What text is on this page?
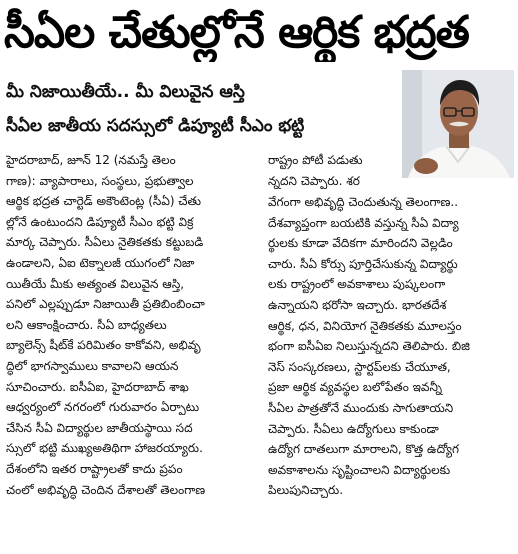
సీఏల చేతుల్లోనే ఆర్థిక భద్రత
మీ నిజాయితీయే.. మీ విలువైన ఆస్తి
సీఏల జాతీయ సదస్సులో డిప్యూటీ సీఎం భట్టి
హైదరాబాద్, జూన్ 12 (నమస్తే తెలం
గాణ): వ్యాపారాలు, సంస్థలు, ప్రభుత్వాల
ఆర్థిక భద్రత చార్టెడ్ అకౌంటెంట్ల (సీఏ) చేతు
ల్లోనే ఉంటుందని డిప్యూటీ సీఎం భట్టి విక్ర
మార్క చెప్పారు. సీఏలు నైతికతకు కట్టుబడి
ఉండాలని, ఏఐ టెక్నాలజీ యుగంలో నిజా
యితీయే మీకు అత్యంత విలువైన ఆస్తి,
పనిలో ఎల్లప్పుడూ నిజాయితీ ప్రతిబింబించా
లని ఆకాంక్షించారు. సీఏ బాధ్యతలు
బ్యాలెన్స్ షీట్‌కే పరిమితం కాకోవని, అభివృ
ద్ధిలో భాగస్వాములు కావాలని ఆయన
సూచించారు. ఐసీఏఐ, హైదరాబాద్ శాఖ
ఆధ్వర్యంలో నగరంలో గురువారం ఏర్పాటు
చేసిన సీఏ విద్యార్థుల జాతీయస్థాయి సద
స్సులో భట్టి ముఖ్యఅతిథిగా హాజరయ్యారు.
దేశంలోని ఇతర రాష్ట్రాలతో కాదు ప్రపం
చంలో అభివృద్ధి చెందిన దేశాలతో తెలంగాణ
రాష్ట్రం పోటీ పడుతు
న్నదని చెప్పారు. శర
వేగంగా అభివృద్ధి చెందుతున్న తెలంగాణ..
దేశవ్యాప్తంగా బయటికి వస్తున్న సీఏ విద్యా
ర్థులకు కూడా వేదికగా మారిందని వెల్లడిం
చారు. సీఏ కోర్సు పూర్తిచేసుకున్న విద్యార్థు
లకు రాష్ట్రంలో అవకాశాలు పుష్కలంగా
ఉన్నాయని భరోసా ఇచ్చారు. భారతదేశ
ఆర్థిక, ధన, వినియోగ నైతికతకు మూలస్తం
భంగా ఐసీఏఐ నిలుస్తున్నదని తెలిపారు. బిజి
నెస్ సంస్కరణలు, స్టార్టప్‌లకు చేయూత,
ప్రజా ఆర్థిక వ్యవస్థల బలోపేతం ఇవన్నీ
సీఏల పాత్రతోనే ముందుకు సాగుతాయని
చెప్పారు. సీఏలు ఉద్యోగులు కాకుండా
ఉద్యోగ దాతలుగా మారాలని, కొత్త ఉద్యోగ
అవకాశాలను సృష్టించాలని విద్యార్థులకు
పిలుపునిచ్చారు.
